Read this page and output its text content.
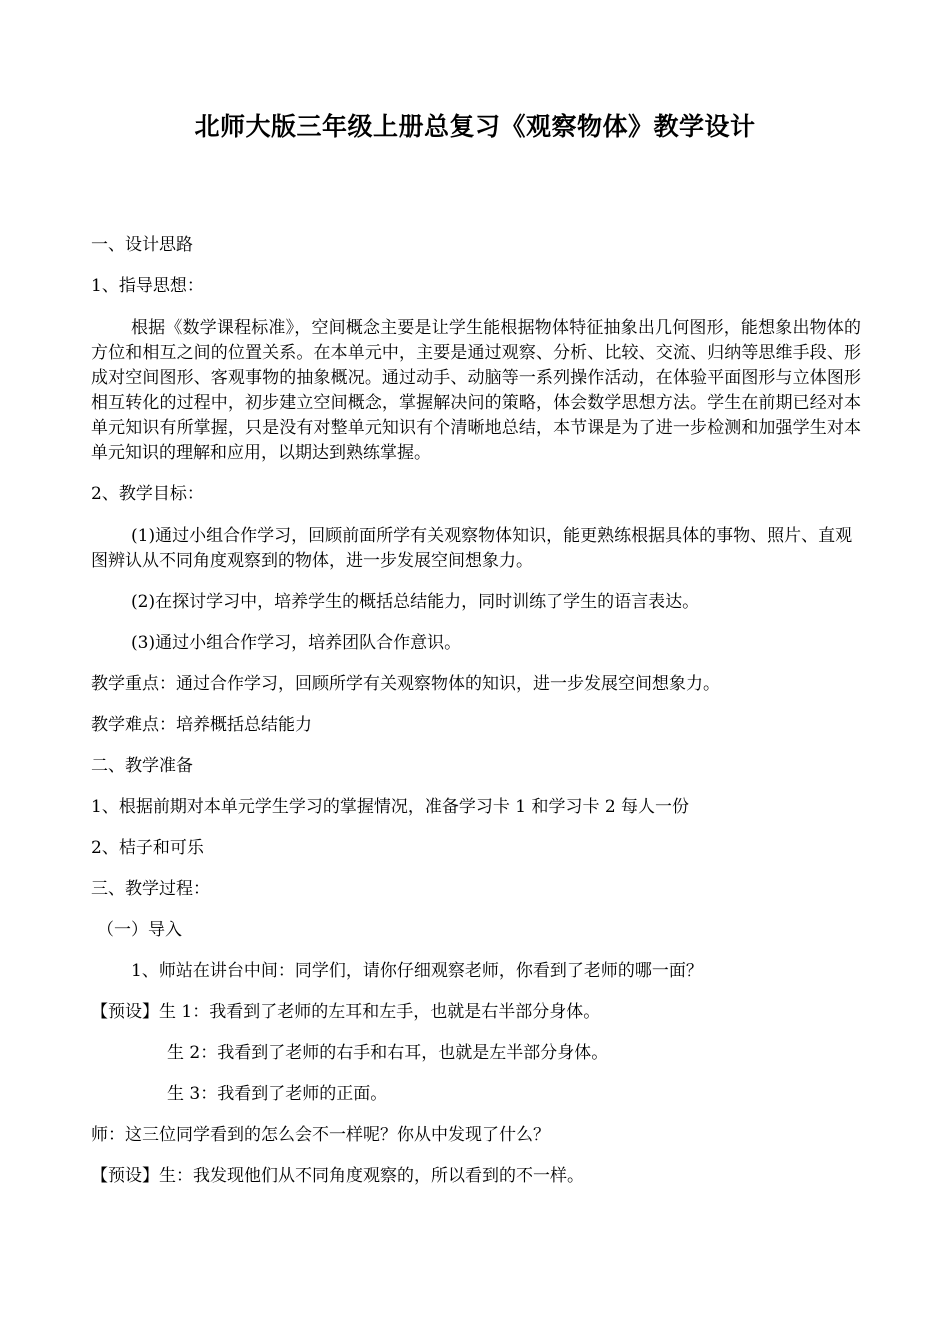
北师大版三年级上册总复习《观察物体》教学设计

一、设计思路

1、指导思想：

根据《数学课程标准》，空间概念主要是让学生能根据物体特征抽象出几何图形，能想象出物体的方位和相互之间的位置关系。在本单元中，主要是通过观察、分析、比较、交流、归纳等思维手段、形成对空间图形、客观事物的抽象概况。通过动手、动脑等一系列操作活动，在体验平面图形与立体图形相互转化的过程中，初步建立空间概念，掌握解决问的策略，体会数学思想方法。学生在前期已经对本单元知识有所掌握，只是没有对整单元知识有个清晰地总结，本节课是为了进一步检测和加强学生对本单元知识的理解和应用，以期达到熟练掌握。

2、教学目标：

(1)通过小组合作学习，回顾前面所学有关观察物体知识，能更熟练根据具体的事物、照片、直观图辨认从不同角度观察到的物体，进一步发展空间想象力。

(2)在探讨学习中，培养学生的概括总结能力，同时训练了学生的语言表达。

(3)通过小组合作学习，培养团队合作意识。

教学重点：通过合作学习，回顾所学有关观察物体的知识，进一步发展空间想象力。

教学难点：培养概括总结能力

二、教学准备

1、根据前期对本单元学生学习的掌握情况，准备学习卡 1 和学习卡 2 每人一份

2、桔子和可乐

三、教学过程：

（一）导入

1、师站在讲台中间：同学们，请你仔细观察老师，你看到了老师的哪一面？

【预设】生 1：我看到了老师的左耳和左手，也就是右半部分身体。

生 2：我看到了老师的右手和右耳，也就是左半部分身体。

生 3：我看到了老师的正面。

师：这三位同学看到的怎么会不一样呢？你从中发现了什么？

【预设】生：我发现他们从不同角度观察的，所以看到的不一样。
